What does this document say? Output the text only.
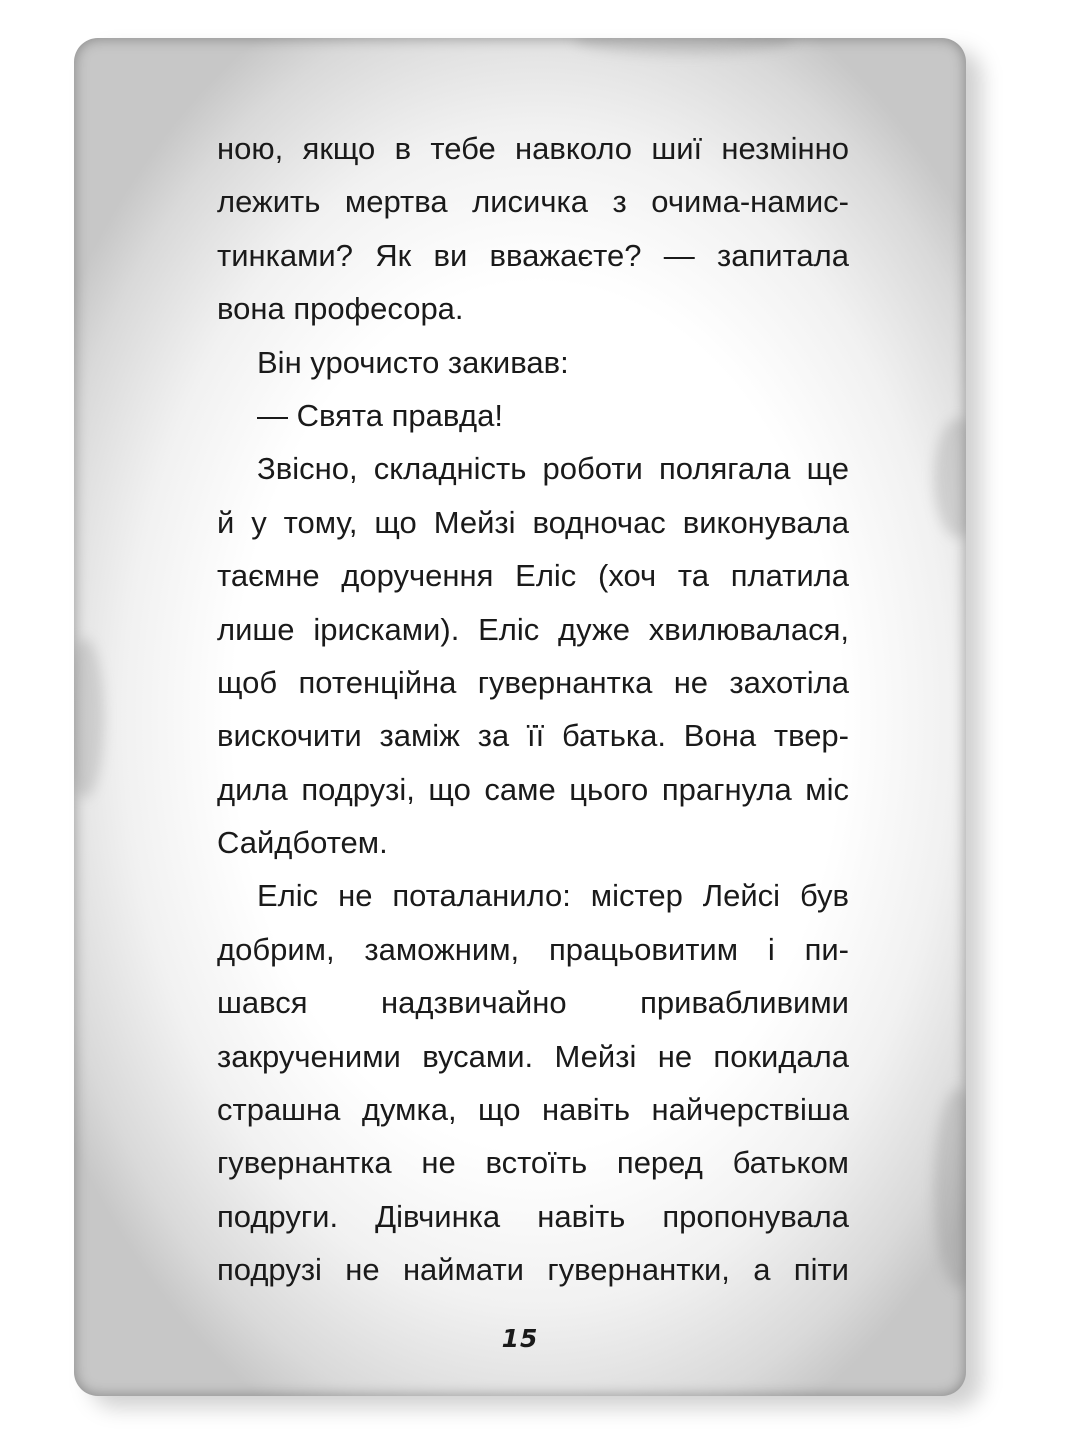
ною, якщо в тебе навколо шиї незмінно
лежить мертва лисичка з очима-намис-
тинками? Як ви вважаєте? — запитала
вона професора.
Він урочисто закивав:
— Свята правда!
Звісно, складність роботи полягала ще
й у тому, що Мейзі водночас виконувала
таємне доручення Еліс (хоч та платила
лише ірисками). Еліс дуже хвилювалася,
щоб потенційна гувернантка не захотіла
вискочити заміж за її батька. Вона твер-
дила подрузі, що саме цього прагнула міс
Сайдботем.
Еліс не поталанило: містер Лейсі був
добрим, заможним, працьовитим і пи-
шався надзвичайно привабливими
закрученими вусами. Мейзі не покидала
страшна думка, що навіть найчерствіша
гувернантка не встоїть перед батьком
подруги. Дівчинка навіть пропонувала
подрузі не наймати гувернантки, а піти
15
